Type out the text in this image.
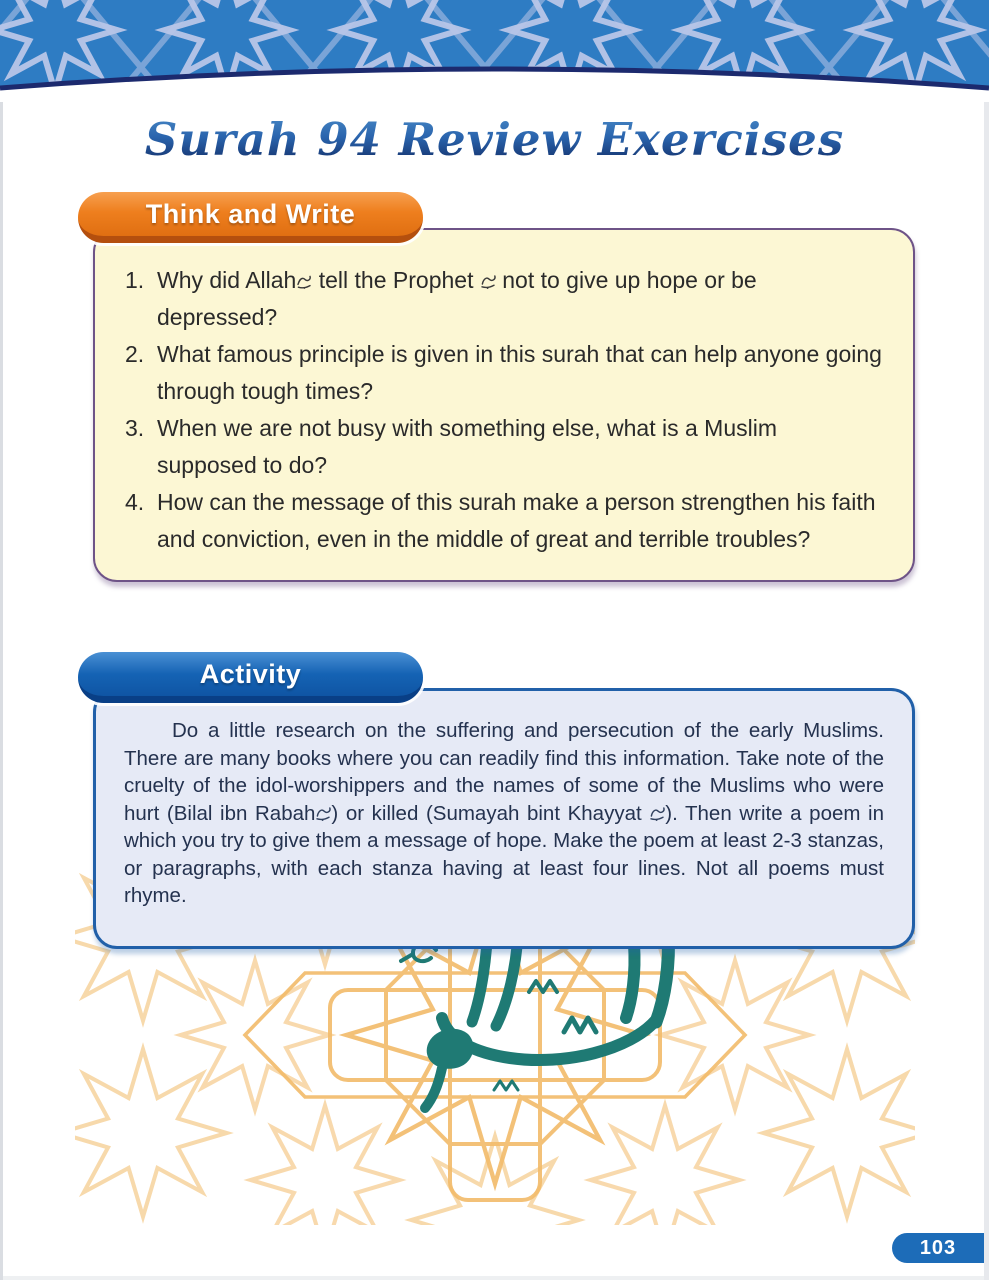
Surah 94 Review Exercises
Think and Write
1. Why did Allah
tell the Prophet
not to give up hope or be depressed?
2. What famous principle is given in this surah that can help anyone going through tough times?
3. When we are not busy with something else, what is a Muslim supposed to do?
4. How can the message of this surah make a person strengthen his faith and conviction, even in the middle of great and terrible troubles?
Activity

Do a little research on the suffering and persecution of the early Muslims. There are many books where you can readily find this information. Take note of the cruelty of the idol-worshippers and the names of some of the Muslims who were hurt (Bilal ibn Rabah ) or killed (Sumayah bint Khayyat
). Then write a poem in which you try to give them a message of hope. Make the poem at least 2-3 stanzas, or paragraphs, with each stanza having at least four lines. Not all poems must rhyme.

103
